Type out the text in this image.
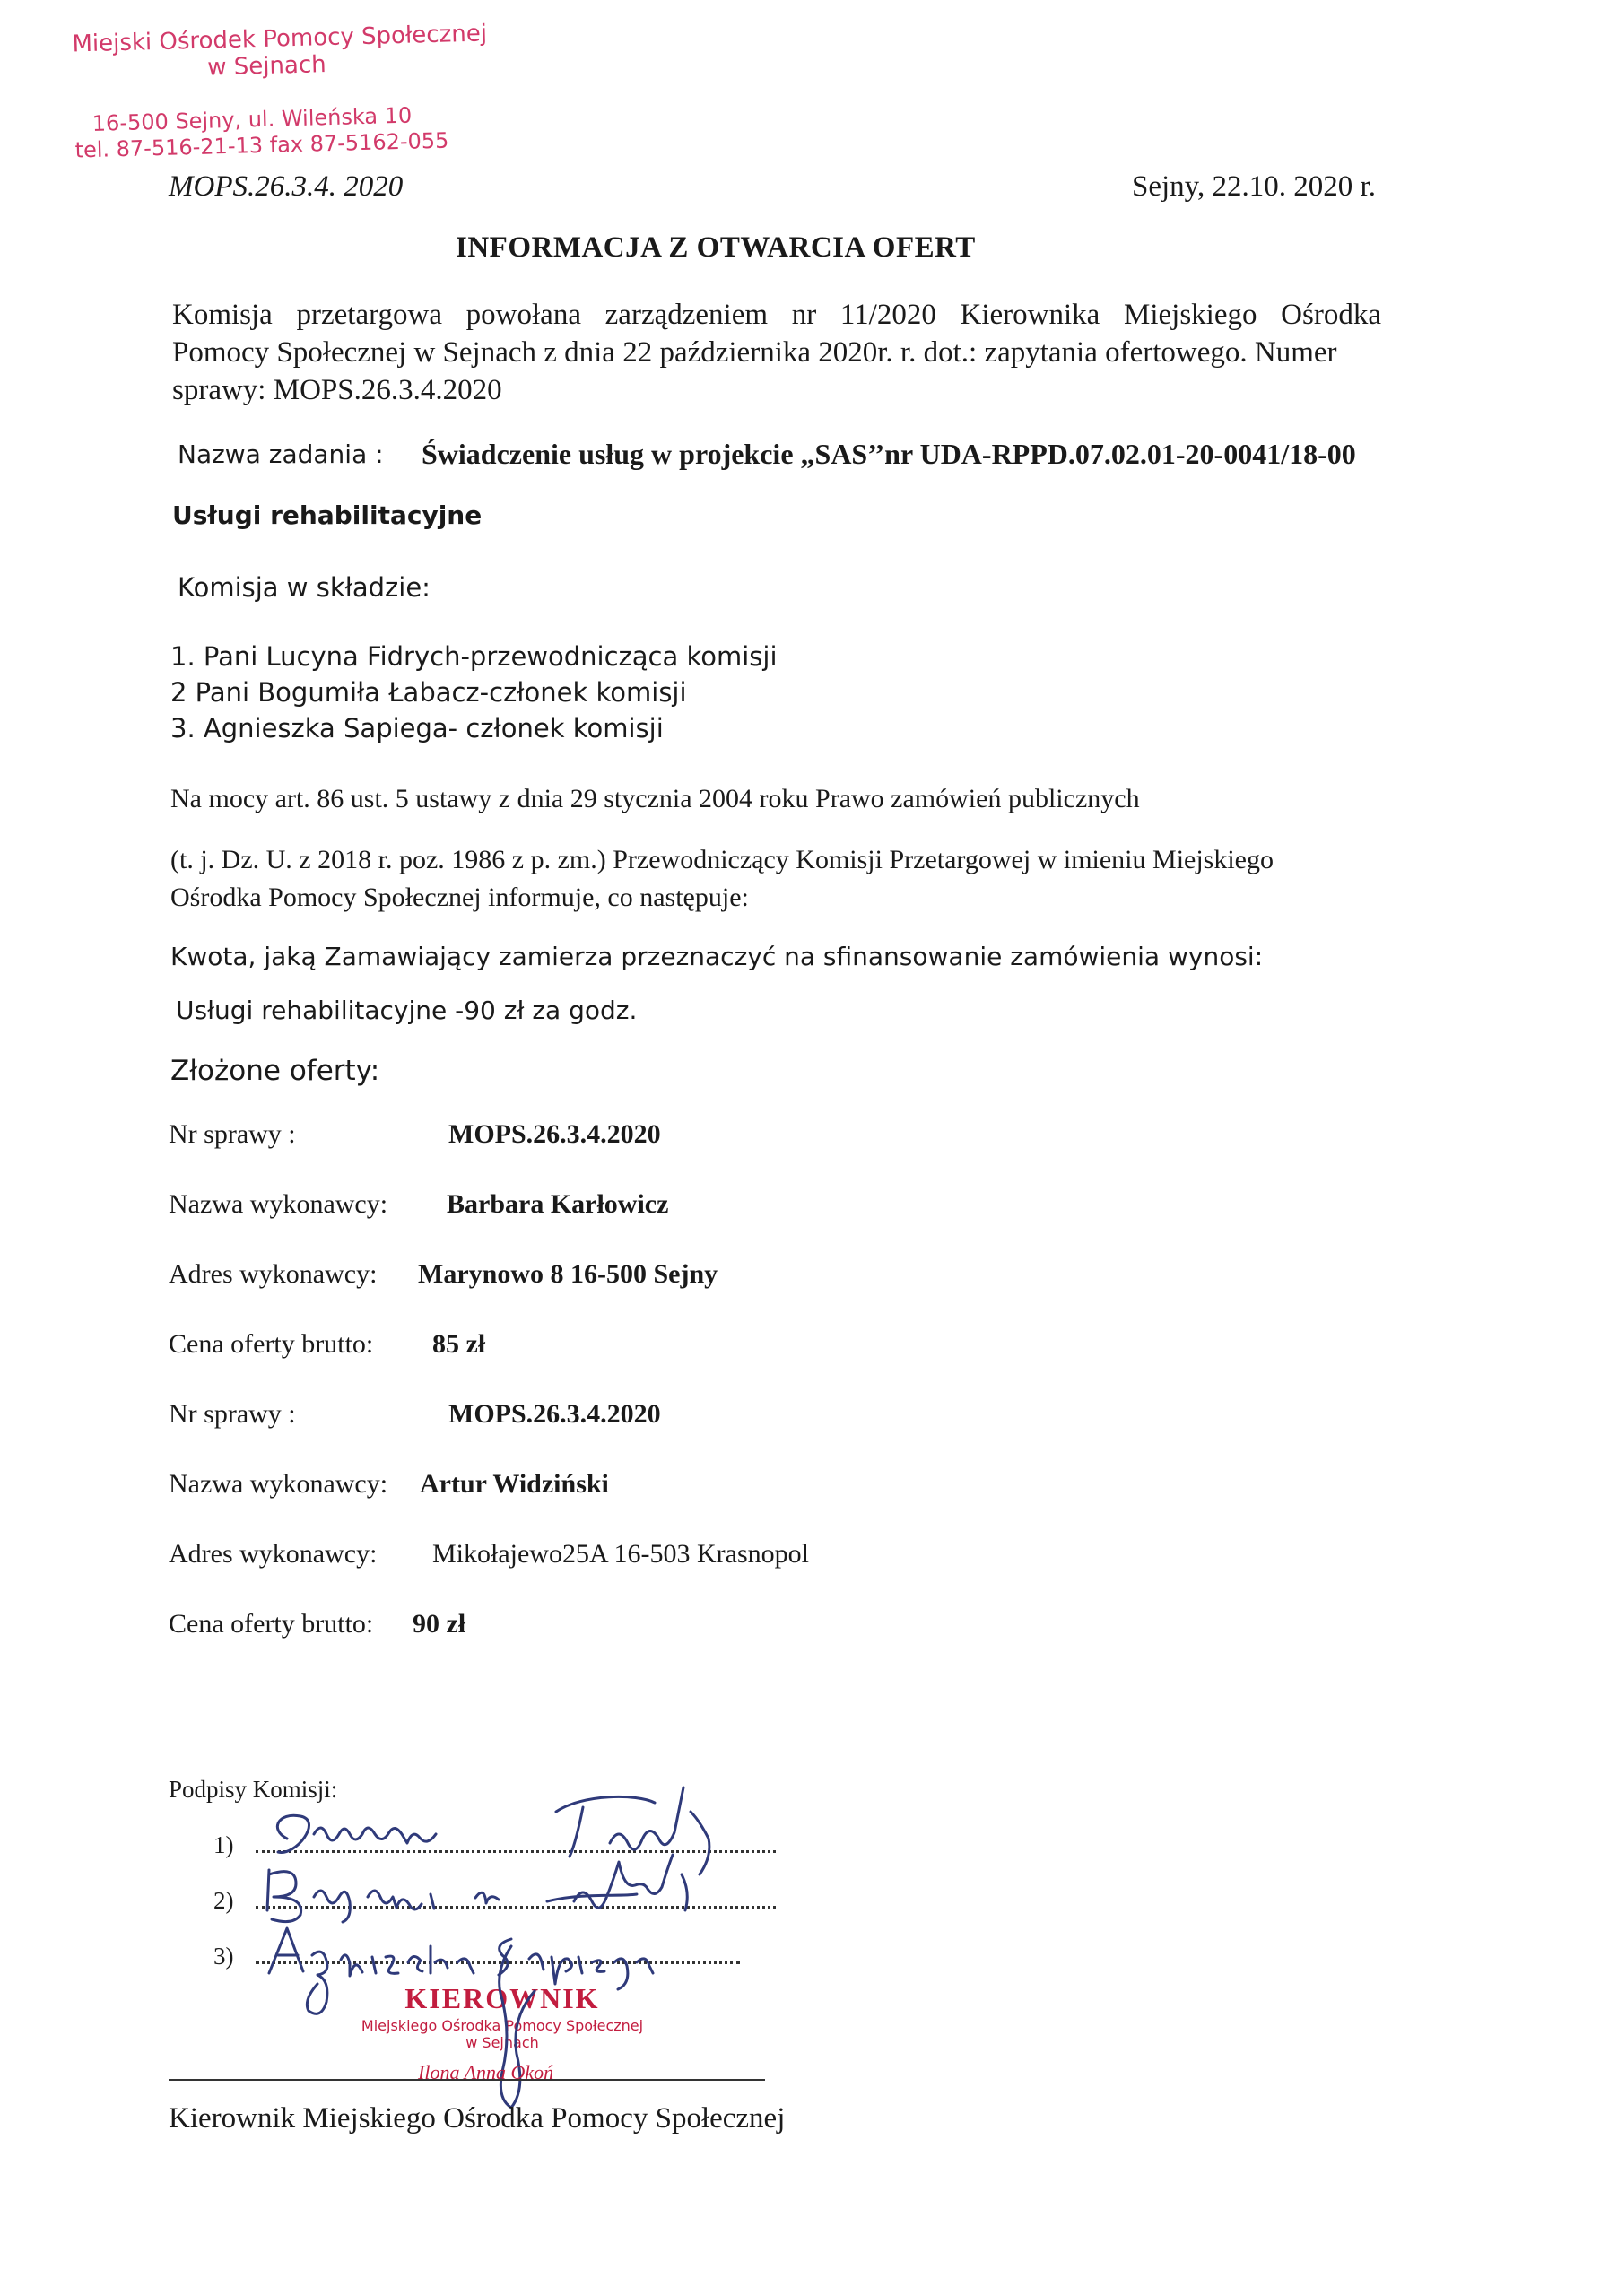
Miejski Ośrodek Pomocy Społecznej
w Sejnach
16-500 Sejny, ul. Wileńska 10
tel. 87-516-21-13 fax 87-5162-055
MOPS.26.3.4. 2020	Sejny, 22.10. 2020 r.
INFORMACJA Z OTWARCIA OFERT
Komisja przetargowa powołana zarządzeniem nr 11/2020 Kierownika Miejskiego Ośrodka
Pomocy Społecznej w Sejnach z dnia 22 października 2020r. r. dot.: zapytania ofertowego. Numer
sprawy: MOPS.26.3.4.2020
Nazwa zadania : Świadczenie usług w projekcie „SAS’’nr UDA-RPPD.07.02.01-20-0041/18-00
Usługi rehabilitacyjne
Komisja w składzie:
1. Pani Lucyna Fidrych-przewodnicząca komisji
2 Pani Bogumiła Łabacz-członek komisji
3. Agnieszka Sapiega- członek komisji
Na mocy art. 86 ust. 5 ustawy z dnia 29 stycznia 2004 roku Prawo zamówień publicznych
(t. j. Dz. U. z 2018 r. poz. 1986 z p. zm.) Przewodniczący Komisji Przetargowej w imieniu Miejskiego
Ośrodka Pomocy Społecznej informuje, co następuje:
Kwota, jaką Zamawiający zamierza przeznaczyć na sfinansowanie zamówienia wynosi:
Usługi rehabilitacyjne -90 zł za godz.
Złożone oferty:
Nr sprawy :	MOPS.26.3.4.2020
Nazwa wykonawcy: Barbara Karłowicz
Adres wykonawcy: Marynowo 8 16-500 Sejny
Cena oferty brutto: 85 zł
Nr sprawy :	MOPS.26.3.4.2020
Nazwa wykonawcy: Artur Widziński
Adres wykonawcy: Mikołajewo25A 16-503 Krasnopol
Cena oferty brutto: 90 zł
Podpisy Komisji:
1)
2)
3)
KIEROWNIK
Miejskiego Ośrodka Pomocy Społecznej
w Sejnach
Ilona Anna Okoń
Kierownik Miejskiego Ośrodka Pomocy Społecznej
